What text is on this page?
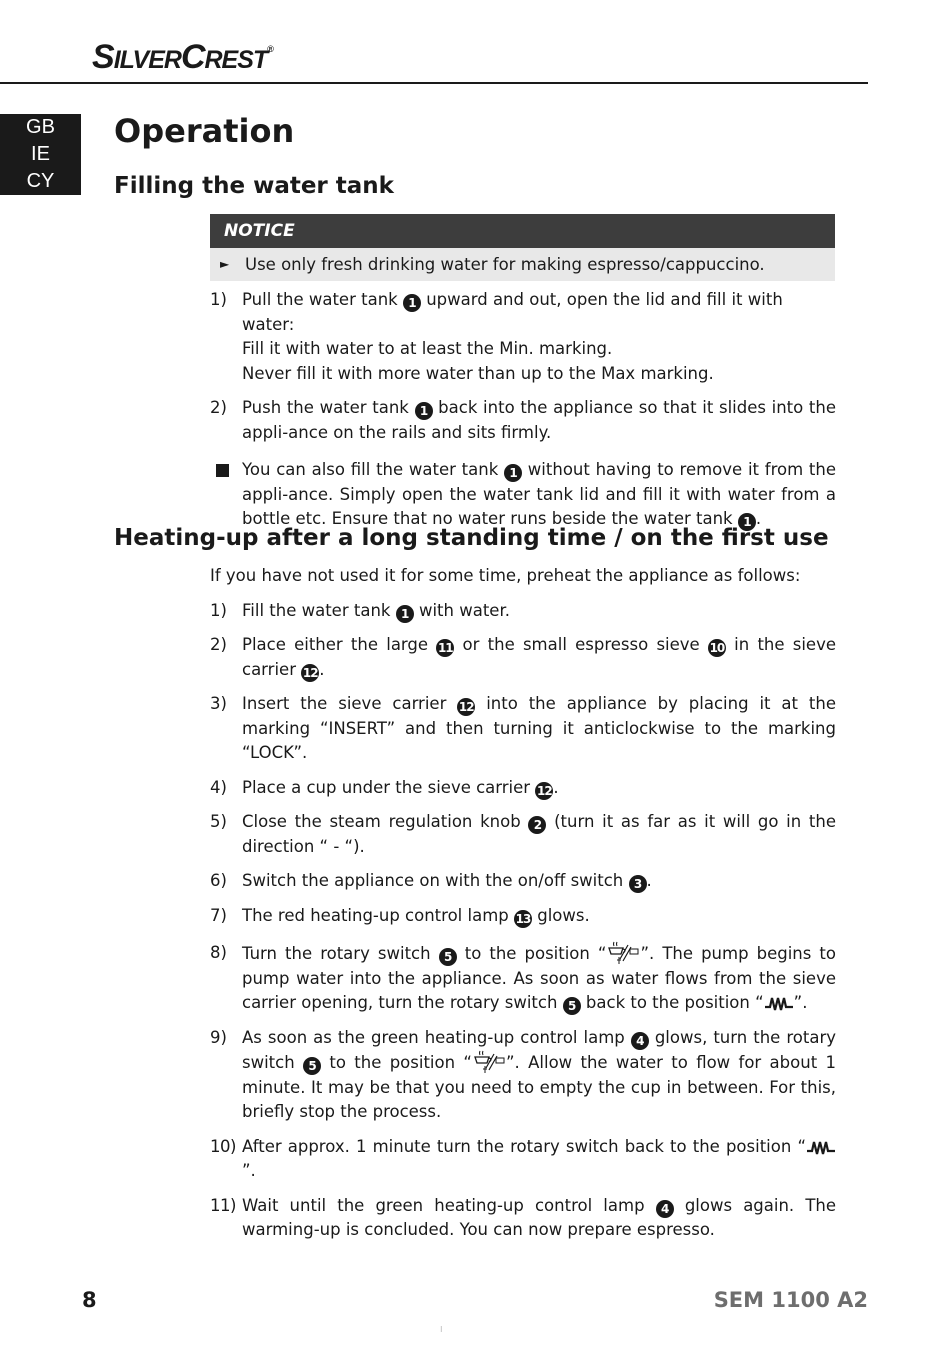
SILVERCREST®
GB
IE
CY
Operation
Filling the water tank
NOTICE
► Use only fresh drinking water for making espresso/cappuccino.
1) Pull the water tank 1 upward and out, open the lid and fill it with water:
Fill it with water to at least the Min. marking.
Never fill it with more water than up to the Max marking.
2) Push the water tank 1 back into the appliance so that it slides into the appli-ance on the rails and sits firmly.
You can also fill the water tank 1 without having to remove it from the appli-ance. Simply open the water tank lid and fill it with water from a bottle etc. Ensure that no water runs beside the water tank 1 .
Heating-up after a long standing time / on the first use
If you have not used it for some time, preheat the appliance as follows:
1) Fill the water tank 1 with water.
2) Place either the large 11 or the small espresso sieve 10 in the sieve carrier 12 .
3) Insert the sieve carrier 12 into the appliance by placing it at the marking “INSERT” and then turning it anticlockwise to the marking “LOCK”.
4) Place a cup under the sieve carrier 12 .
5) Close the steam regulation knob 2 (turn it as far as it will go in the direction “ - “).
6) Switch the appliance on with the on/off switch 3 .
7) The red heating-up control lamp 13 glows.
8) Turn the rotary switch 5 to the position “ ”. The pump begins to pump water into the appliance. As soon as water flows from the sieve carrier opening, turn the rotary switch 5 back to the position “ ”.
9) As soon as the green heating-up control lamp 4 glows, turn the rotary switch 5 to the position “ ”. Allow the water to flow for about 1 minute. It may be that you need to empty the cup in between. For this, briefly stop the process.
10) After approx. 1 minute turn the rotary switch back to the position “”.
11) Wait until the green heating-up control lamp 4 glows again. The warming-up is concluded. You can now prepare espresso.
8	SEM 1100 A2
⁝
